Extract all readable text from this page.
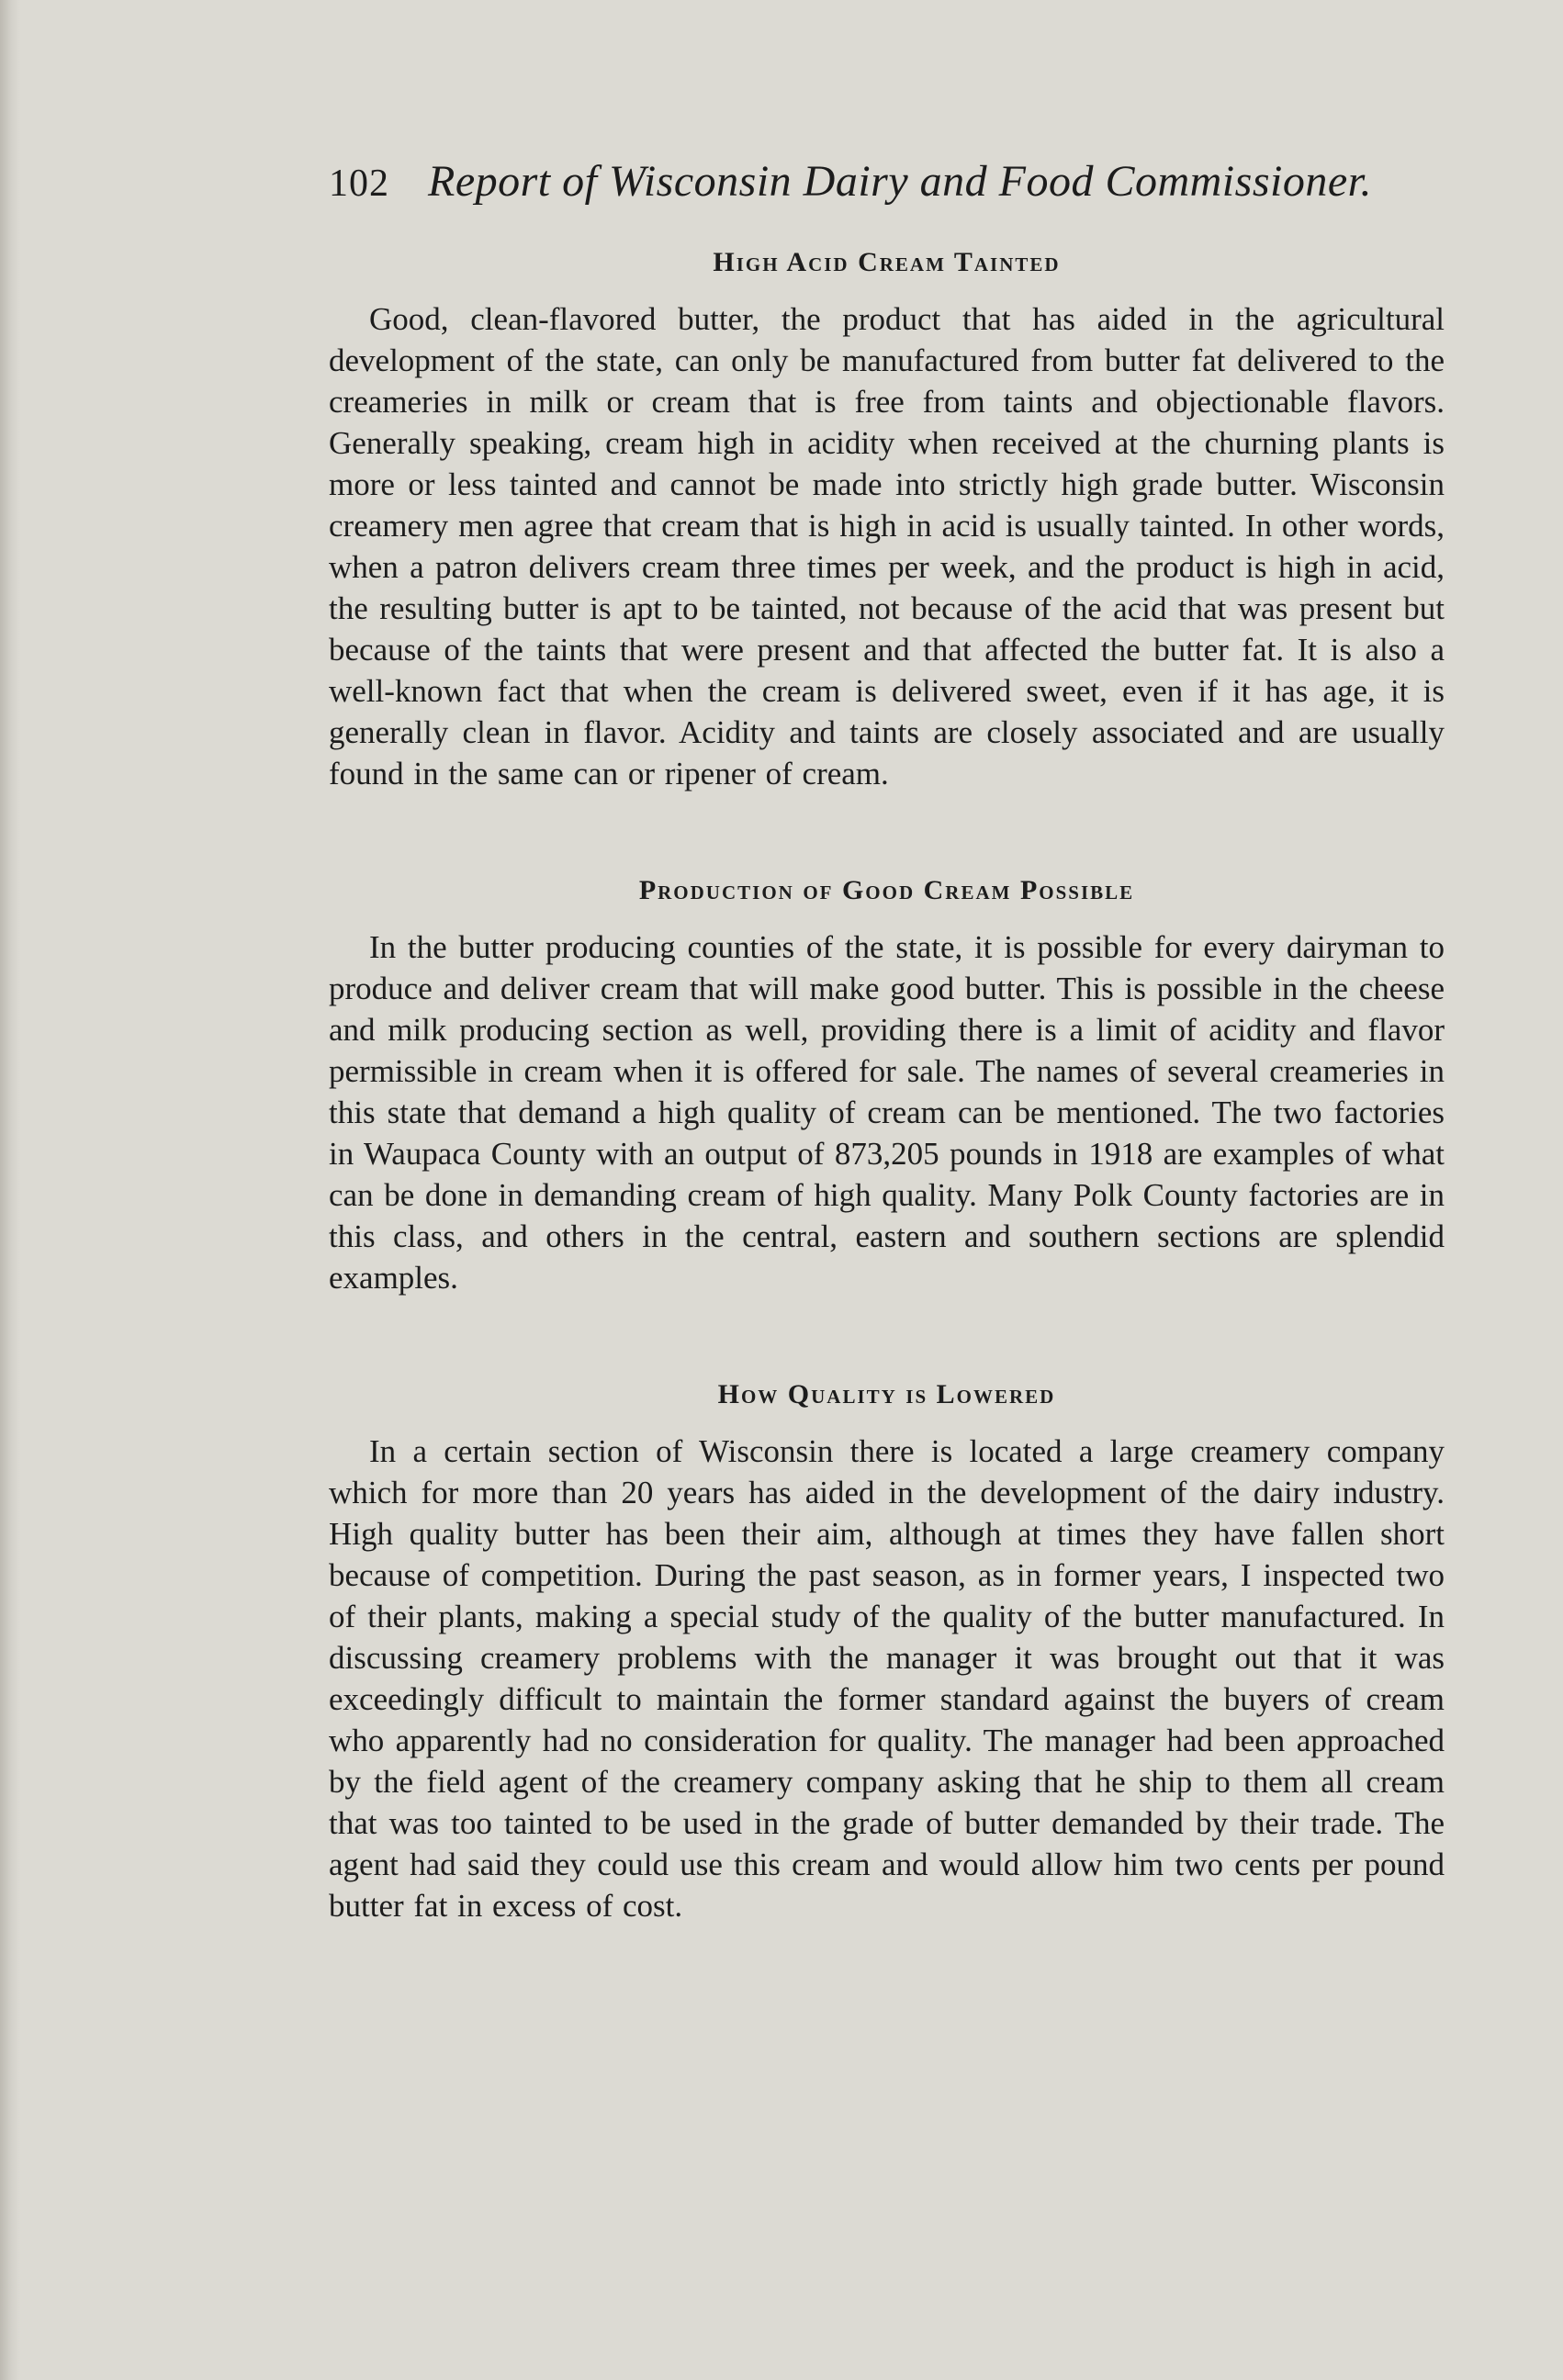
102 Report of Wisconsin Dairy and Food Commissioner.
High Acid Cream Tainted

Good, clean-flavored butter, the product that has aided in the agricultural development of the state, can only be manufactured from butter fat delivered to the creameries in milk or cream that is free from taints and objectionable flavors. Generally speaking, cream high in acidity when received at the churning plants is more or less tainted and cannot be made into strictly high grade butter. Wisconsin creamery men agree that cream that is high in acid is usually tainted. In other words, when a patron delivers cream three times per week, and the product is high in acid, the resulting butter is apt to be tainted, not because of the acid that was present but because of the taints that were present and that affected the butter fat. It is also a well-known fact that when the cream is delivered sweet, even if it has age, it is generally clean in flavor. Acidity and taints are closely associated and are usually found in the same can or ripener of cream.

Production of Good Cream Possible

In the butter producing counties of the state, it is possible for every dairyman to produce and deliver cream that will make good butter. This is possible in the cheese and milk producing section as well, providing there is a limit of acidity and flavor permissible in cream when it is offered for sale. The names of several creameries in this state that demand a high quality of cream can be mentioned. The two factories in Waupaca County with an output of 873,205 pounds in 1918 are examples of what can be done in demanding cream of high quality. Many Polk County factories are in this class, and others in the central, eastern and southern sections are splendid examples.

How Quality is Lowered

In a certain section of Wisconsin there is located a large creamery company which for more than 20 years has aided in the development of the dairy industry. High quality butter has been their aim, although at times they have fallen short because of competition. During the past season, as in former years, I inspected two of their plants, making a special study of the quality of the butter manufactured. In discussing creamery problems with the manager it was brought out that it was exceedingly difficult to maintain the former standard against the buyers of cream who apparently had no consideration for quality. The manager had been approached by the field agent of the creamery company asking that he ship to them all cream that was too tainted to be used in the grade of butter demanded by their trade. The agent had said they could use this cream and would allow him two cents per pound butter fat in excess of cost.
